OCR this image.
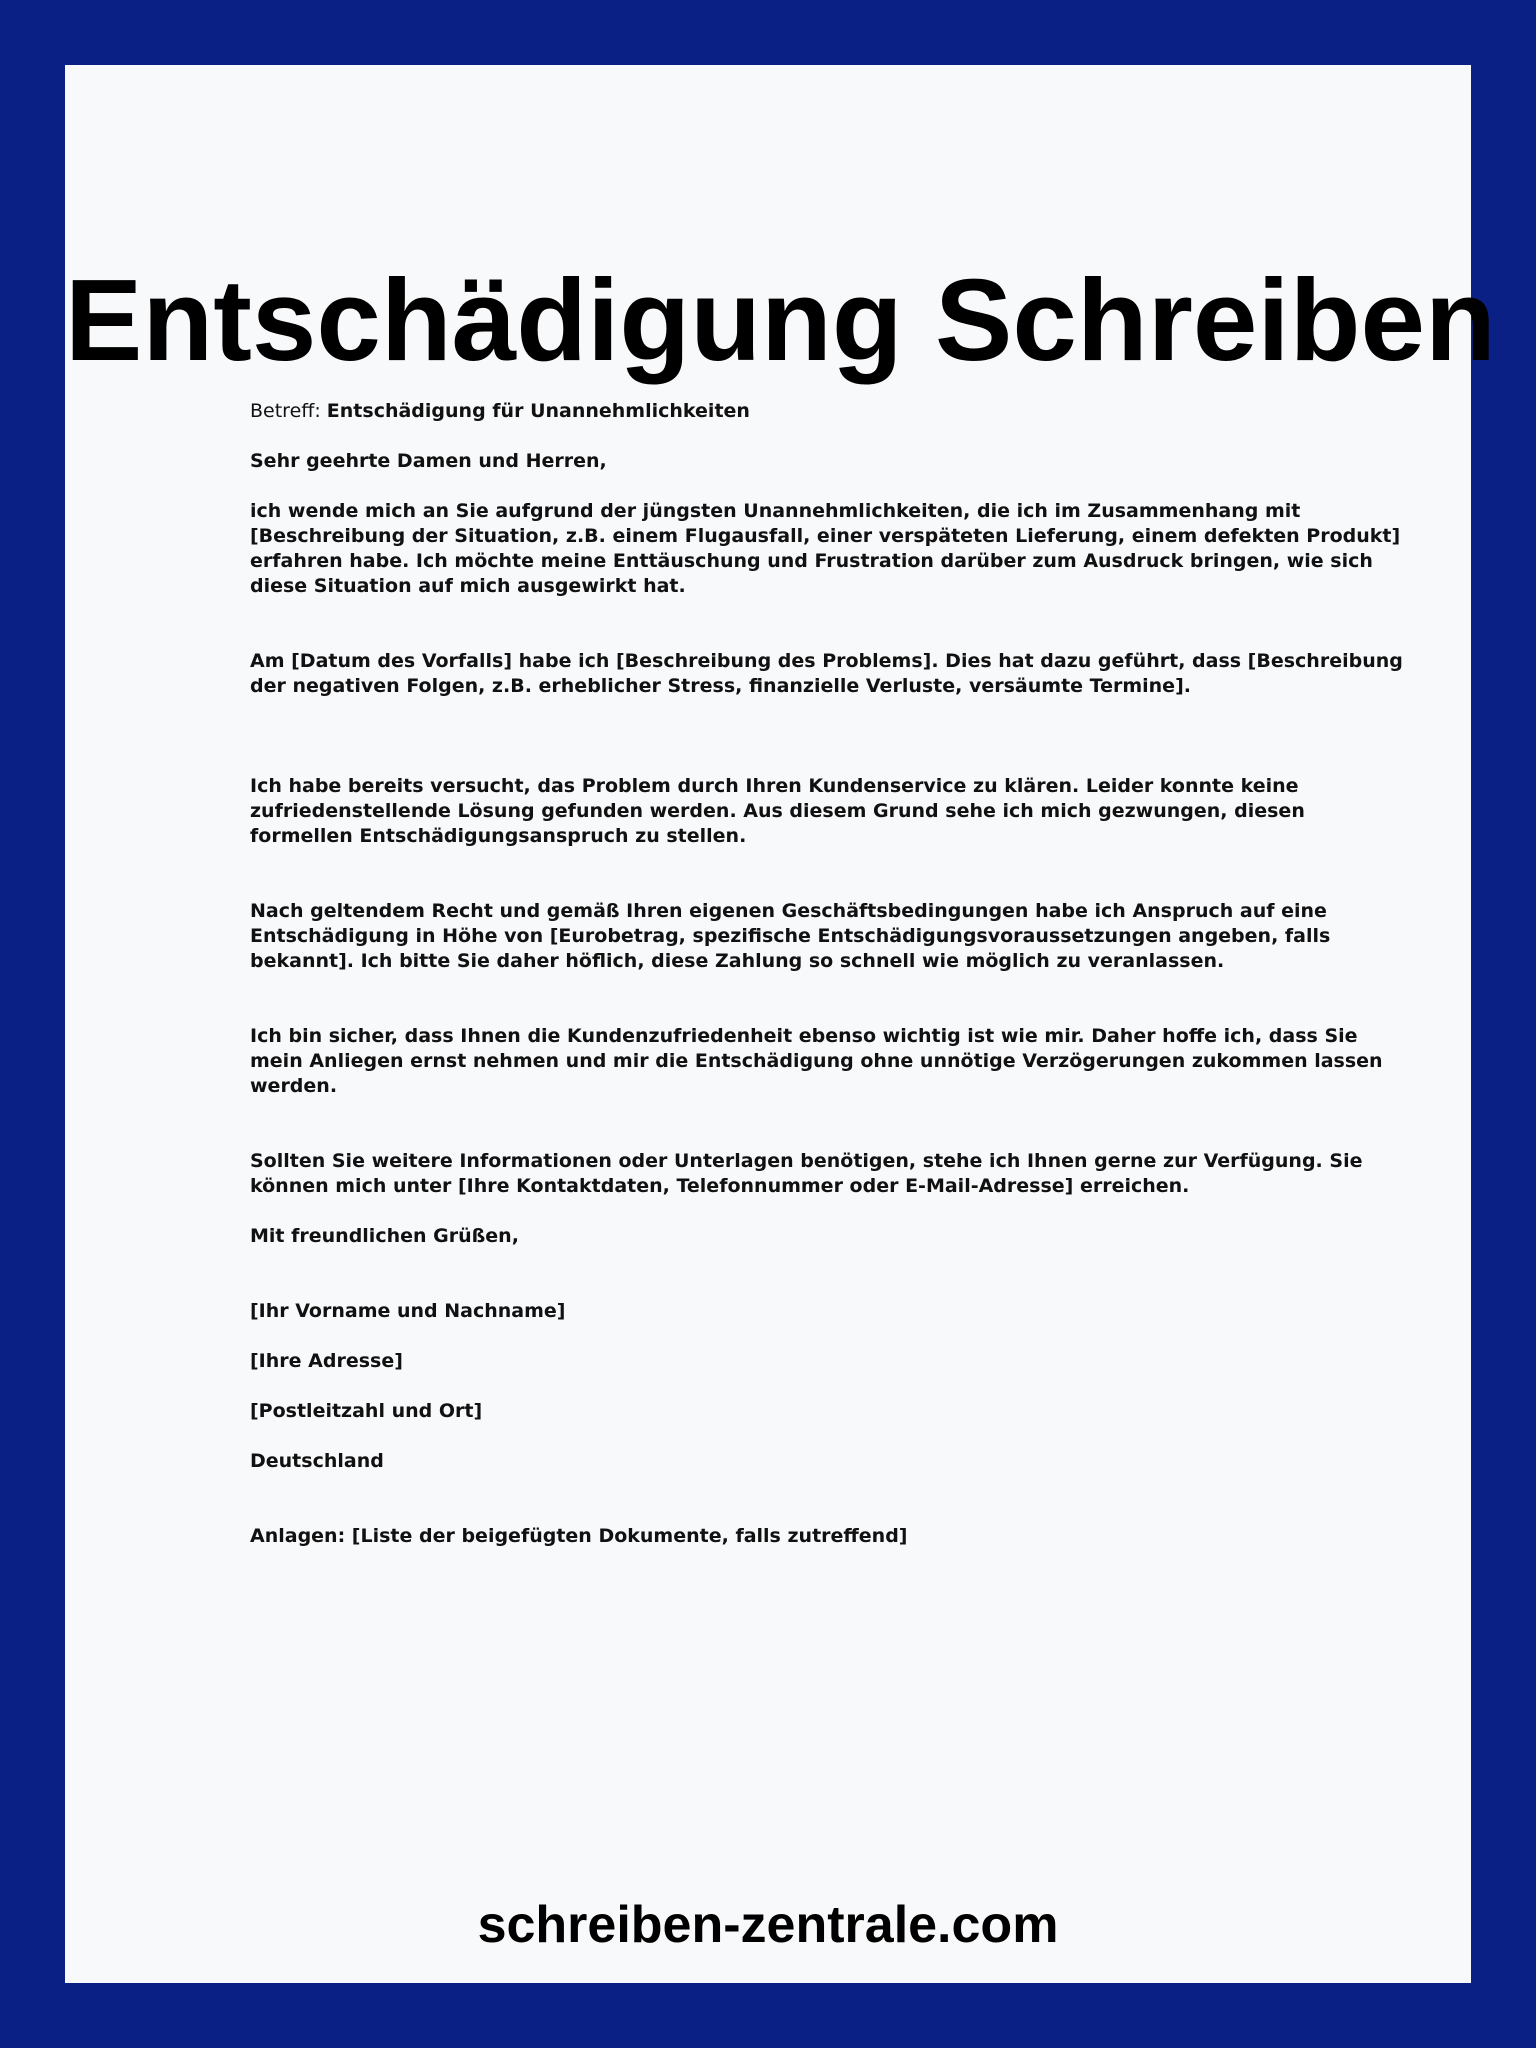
Entschädigung Schreiben

Betreff: Entschädigung für Unannehmlichkeiten

Sehr geehrte Damen und Herren,

ich wende mich an Sie aufgrund der jüngsten Unannehmlichkeiten, die ich im Zusammenhang mit
[Beschreibung der Situation, z.B. einem Flugausfall, einer verspäteten Lieferung, einem defekten Produkt]
erfahren habe. Ich möchte meine Enttäuschung und Frustration darüber zum Ausdruck bringen, wie sich
diese Situation auf mich ausgewirkt hat.
Am [Datum des Vorfalls] habe ich [Beschreibung des Problems]. Dies hat dazu geführt, dass [Beschreibung
der negativen Folgen, z.B. erheblicher Stress, finanzielle Verluste, versäumte Termine].
Ich habe bereits versucht, das Problem durch Ihren Kundenservice zu klären. Leider konnte keine
zufriedenstellende Lösung gefunden werden. Aus diesem Grund sehe ich mich gezwungen, diesen
formellen Entschädigungsanspruch zu stellen.
Nach geltendem Recht und gemäß Ihren eigenen Geschäftsbedingungen habe ich Anspruch auf eine
Entschädigung in Höhe von [Eurobetrag, spezifische Entschädigungsvoraussetzungen angeben, falls
bekannt]. Ich bitte Sie daher höflich, diese Zahlung so schnell wie möglich zu veranlassen.
Ich bin sicher, dass Ihnen die Kundenzufriedenheit ebenso wichtig ist wie mir. Daher hoffe ich, dass Sie
mein Anliegen ernst nehmen und mir die Entschädigung ohne unnötige Verzögerungen zukommen lassen
werden.
Sollten Sie weitere Informationen oder Unterlagen benötigen, stehe ich Ihnen gerne zur Verfügung. Sie
können mich unter [Ihre Kontaktdaten, Telefonnummer oder E-Mail-Adresse] erreichen.

Mit freundlichen Grüßen,

[Ihr Vorname und Nachname]

[Ihre Adresse]

[Postleitzahl und Ort]

Deutschland

Anlagen: [Liste der beigefügten Dokumente, falls zutreffend]

schreiben-zentrale.com
